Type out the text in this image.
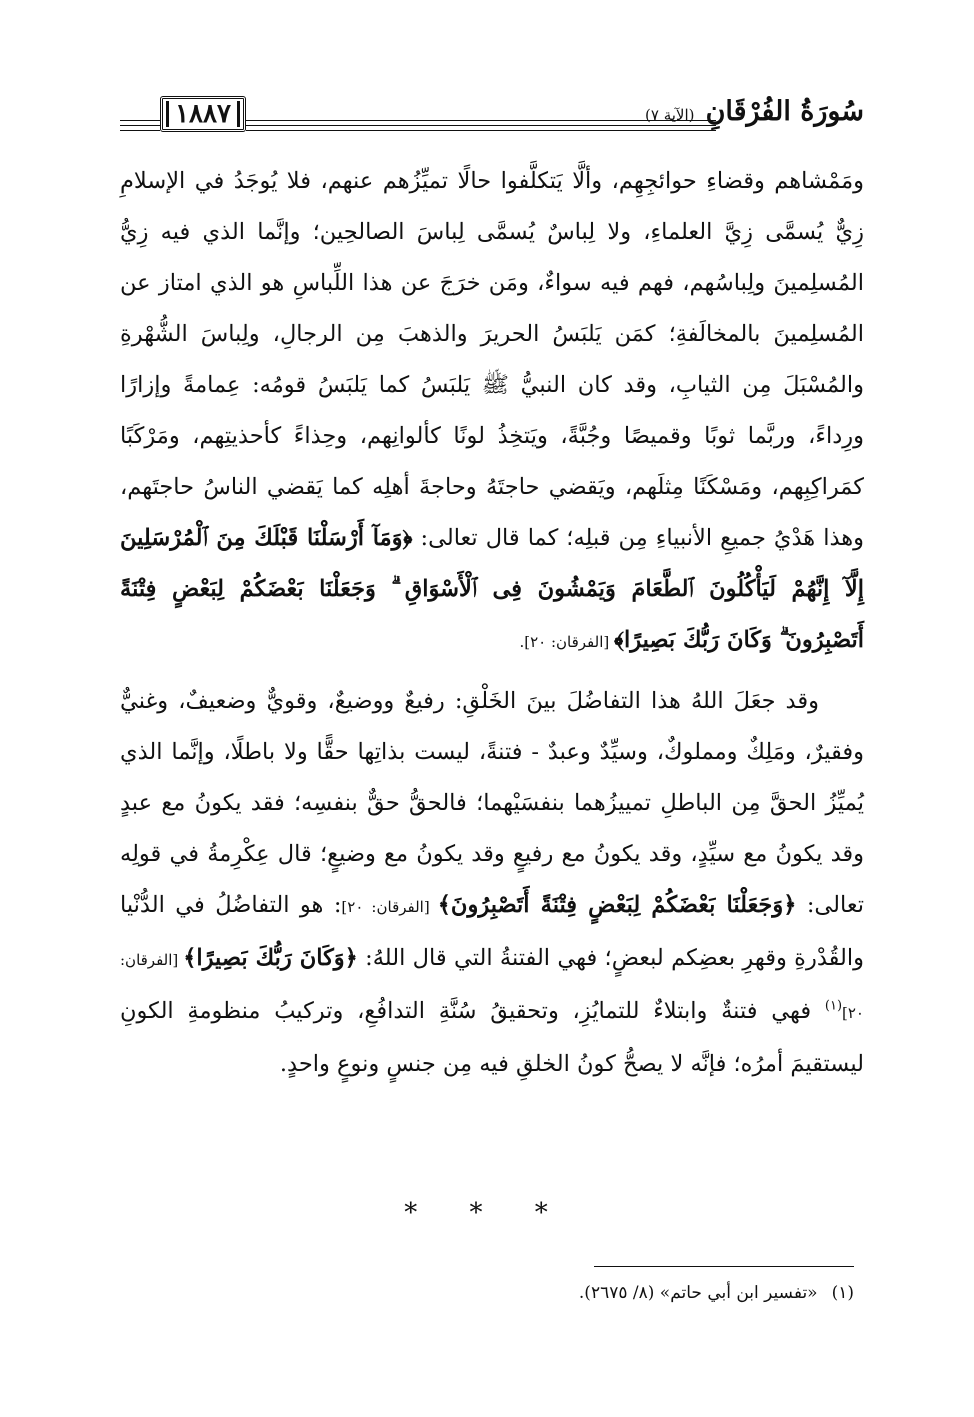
سُورَةُ الفُرْقَانِ (الآية ٧)
١٨٨٧

ومَمْشاهم وقضاءِ حوائجِهِم، وألَّا يَتكلَّفوا حالًا تميِّزُهم عنهم، فلا يُوجَدُ في الإسلامِ زِيٌّ يُسمَّى زِيَّ العلماءِ، ولا لِباسٌ يُسمَّى لِباسَ الصالحِين؛ وإنَّما الذي فيه زِيُّ المُسلِمينَ ولِباسُهم، فهم فيه سواءٌ، ومَن خرَجَ عن هذا اللِّباسِ هو الذي امتاز عن المُسلِمينَ بالمخالَفةِ؛ كمَن يَلبَسُ الحريرَ والذهبَ مِن الرجالِ، ولِباسَ الشُّهْرةِ والمُسْبَلَ مِن الثيابِ، وقد كان النبيُّ ﷺ يَلبَسُ كما يَلبَسُ قومُه: عِمامةً وإزارًا ورِداءً، وربَّما ثوبًا وقميصًا وجُبَّةً، ويَتخِذُ لونًا كألوانِهم، وحِذاءً كأحذيتِهم، ومَرْكَبًا كمَراكِبِهم، ومَسْكَنًا مِثلَهم، ويَقضي حاجتَهُ وحاجةَ أهلِه كما يَقضي الناسُ حاجتَهم، وهذا هَدْيُ جميعِ الأنبياءِ مِن قبلِه؛ كما قال تعالى: ﴿وَمَآ أَرْسَلْنَا قَبْلَكَ مِنَ ٱلْمُرْسَلِينَ إِلَّآ إِنَّهُمْ لَيَأْكُلُونَ ٱلطَّعَامَ وَيَمْشُونَ فِى ٱلْأَسْوَاقِ ۗ وَجَعَلْنَا بَعْضَكُمْ لِبَعْضٍ فِتْنَةً أَتَصْبِرُونَ ۗ وَكَانَ رَبُّكَ بَصِيرًا﴾ [الفرقان: ٢٠].

وقد جعَلَ اللهُ هذا التفاضُلَ بينَ الخَلْقِ: رفيعٌ ووضيعٌ، وقويٌّ وضعيفٌ، وغنيٌّ وفقيرٌ، ومَلِكٌ ومملوكٌ، وسيِّدٌ وعبدٌ - فتنةً، ليست بذاتِها حقًّا ولا باطلًا، وإنَّما الذي يُميِّزُ الحقَّ مِن الباطلِ تمييزُهما بنفسَيْهما؛ فالحقُّ حقٌّ بنفسِه؛ فقد يكونُ مع عبدٍ وقد يكونُ مع سيِّدٍ، وقد يكونُ مع رفيعٍ وقد يكونُ مع وضيعٍ؛ قال عِكْرِمةُ في قولِه تعالى: ﴿وَجَعَلْنَا بَعْضَكُمْ لِبَعْضٍ فِتْنَةً أَتَصْبِرُونَ﴾ [الفرقان: ٢٠]: هو التفاضُلُ في الدُّنْيا والقُدْرةِ وقهرِ بعضِكم لبعضٍ؛ فهي الفتنةُ التي قال اللهُ: ﴿وَكَانَ رَبُّكَ بَصِيرًا﴾ [الفرقان: ٢٠]$^{(١)}$ فهي فتنةٌ وابتلاءٌ للتمايُزِ، وتحقيقُ سُنَّةِ التدافُعِ، وتركيبُ منظومةِ الكونِ ليستقيمَ أمرُه؛ فإنَّه لا يصحُّ كونُ الخلقِ فيه مِن جنسٍ ونوعٍ واحدٍ.

* * *
(١)«تفسير ابن أبي حاتم» (٨/ ٢٦٧٥).
